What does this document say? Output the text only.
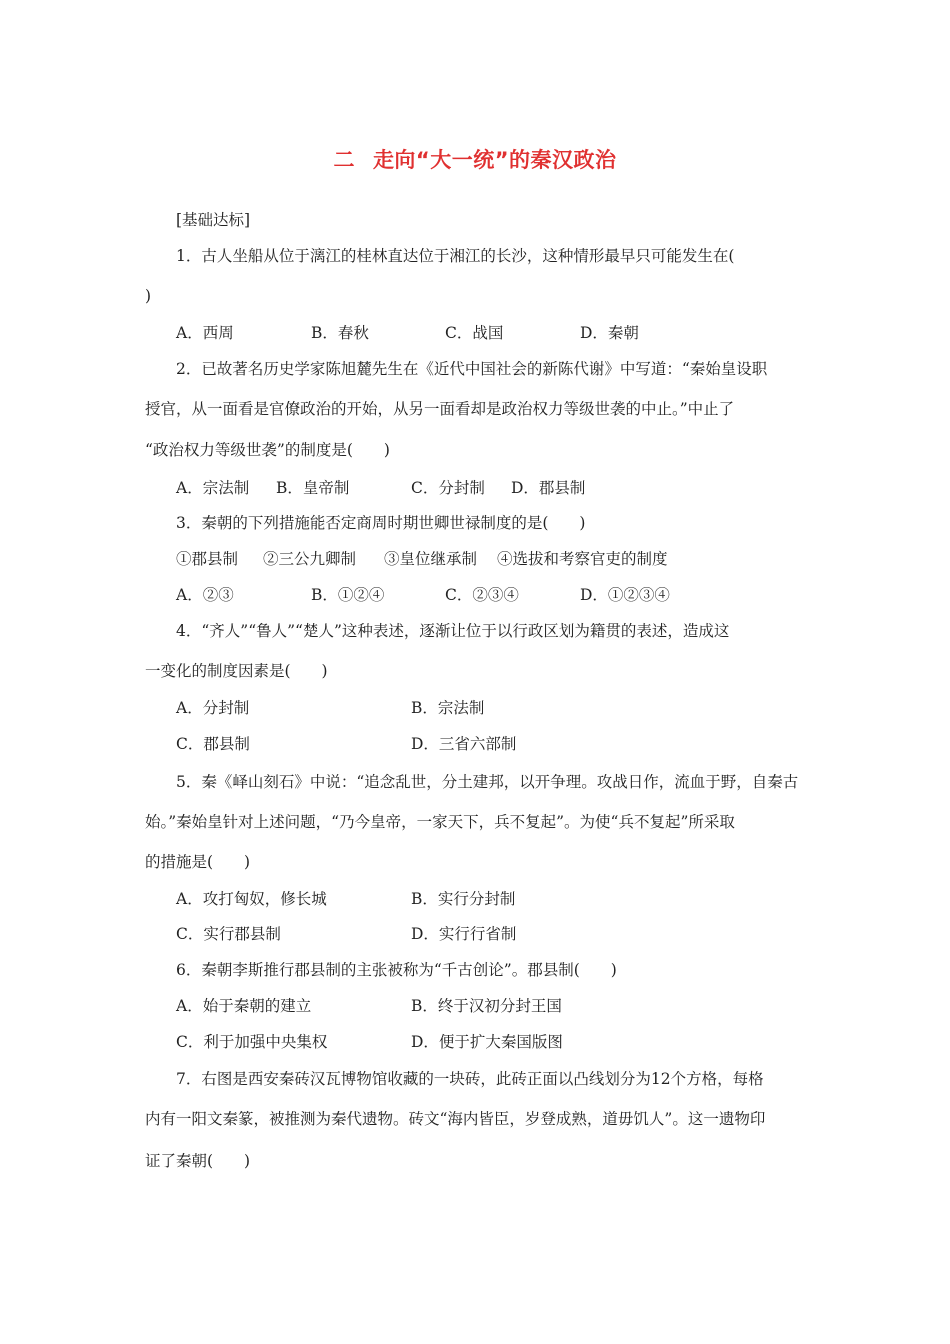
二 走向“大一统”的秦汉政治
[基础达标]
1．古人坐船从位于漓江的桂林直达位于湘江的长沙，这种情形最早只可能发生在(
)
A．西周	B．春秋	C．战国	D．秦朝
2．已故著名历史学家陈旭麓先生在《近代中国社会的新陈代谢》中写道：“秦始皇设职
授官，从一面看是官僚政治的开始，从另一面看却是政治权力等级世袭的中止。”中止了
“政治权力等级世袭”的制度是(　　)
A．宗法制 B．皇帝制	C．分封制 D．郡县制
3．秦朝的下列措施能否定商周时期世卿世禄制度的是(　　)
①郡县制 ②三公九卿制 ③皇位继承制 ④选拔和考察官吏的制度
A．②③	B．①②④	C．②③④	D．①②③④
4．“齐人”“鲁人”“楚人”这种表述，逐渐让位于以行政区划为籍贯的表述，造成这
一变化的制度因素是(　　)
A．分封制	B．宗法制
C．郡县制	D．三省六部制
5．秦《峄山刻石》中说：“追念乱世，分土建邦，以开争理。攻战日作，流血于野，自秦古
始。”秦始皇针对上述问题，“乃今皇帝，一家天下，兵不复起”。为使“兵不复起”所采取
的措施是(　　)
A．攻打匈奴，修长城	B．实行分封制
C．实行郡县制	D．实行行省制
6．秦朝李斯推行郡县制的主张被称为“千古创论”。郡县制(　　)
A．始于秦朝的建立	B．终于汉初分封王国
C．利于加强中央集权	D．便于扩大秦国版图
7．右图是西安秦砖汉瓦博物馆收藏的一块砖，此砖正面以凸线划分为12个方格，每格
内有一阳文秦篆，被推测为秦代遗物。砖文“海内皆臣，岁登成熟，道毋饥人”。这一遗物印
证了秦朝(　　)
